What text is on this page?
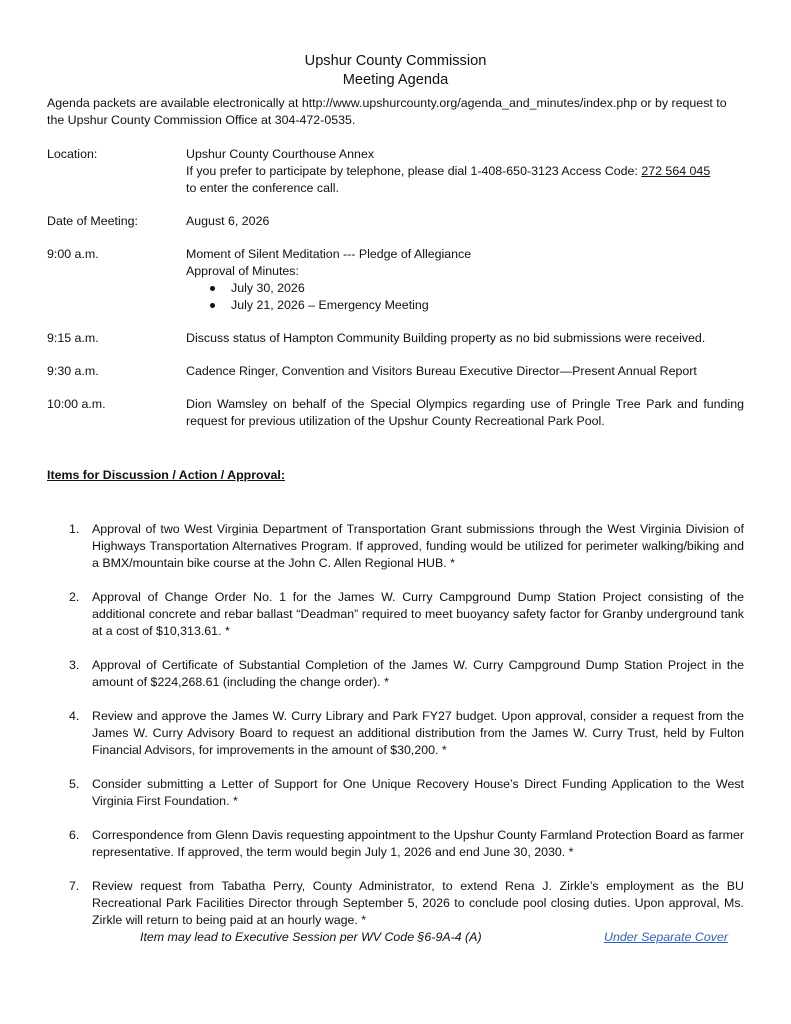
Upshur County Commission

Meeting Agenda

Agenda packets are available electronically at http://www.upshurcounty.org/agenda_and_minutes/index.php or by request to the Upshur County Commission Office at 304-472-0535.

Location:	Upshur County Courthouse Annex

If you prefer to participate by telephone, please dial 1-408-650-3123 Access Code: 272 564 045

to enter the conference call.

Date of Meeting:	August 6, 2026
9:00 a.m.	Moment of Silent Meditation --- Pledge of Allegiance

Approval of Minutes:

July 30, 2026
July 21, 2026 – Emergency Meeting
9:15 a.m.	Discuss status of Hampton Community Building property as no bid submissions were received.
9:30 a.m.	Cadence Ringer, Convention and Visitors Bureau Executive Director—Present Annual Report
10:00 a.m.	Dion Wamsley on behalf of the Special Olympics regarding use of Pringle Tree Park and funding request for previous utilization of the Upshur County Recreational Park Pool.
Items for Discussion / Action / Approval:
1. Approval of two West Virginia Department of Transportation Grant submissions through the West Virginia Division of Highways Transportation Alternatives Program. If approved, funding would be utilized for perimeter walking/biking and a BMX/mountain bike course at the John C. Allen Regional HUB. *
2. Approval of Change Order No. 1 for the James W. Curry Campground Dump Station Project consisting of the additional concrete and rebar ballast “Deadman” required to meet buoyancy safety factor for Granby underground tank at a cost of $10,313.61. *
3. Approval of Certificate of Substantial Completion of the James W. Curry Campground Dump Station Project in the amount of $224,268.61 (including the change order). *
4. Review and approve the James W. Curry Library and Park FY27 budget. Upon approval, consider a request from the James W. Curry Advisory Board to request an additional distribution from the James W. Curry Trust, held by Fulton Financial Advisors, for improvements in the amount of $30,200. *
5. Consider submitting a Letter of Support for One Unique Recovery House’s Direct Funding Application to the West Virginia First Foundation. *
6. Correspondence from Glenn Davis requesting appointment to the Upshur County Farmland Protection Board as farmer representative. If approved, the term would begin July 1, 2026 and end June 30, 2030. *
7. Review request from Tabatha Perry, County Administrator, to extend Rena J. Zirkle’s employment as the BU Recreational Park Facilities Director through September 5, 2026 to conclude pool closing duties. Upon approval, Ms. Zirkle will return to being paid at an hourly wage. *
Item may lead to Executive Session per WV Code §6-9A-4 (A)	Under Separate Cover
